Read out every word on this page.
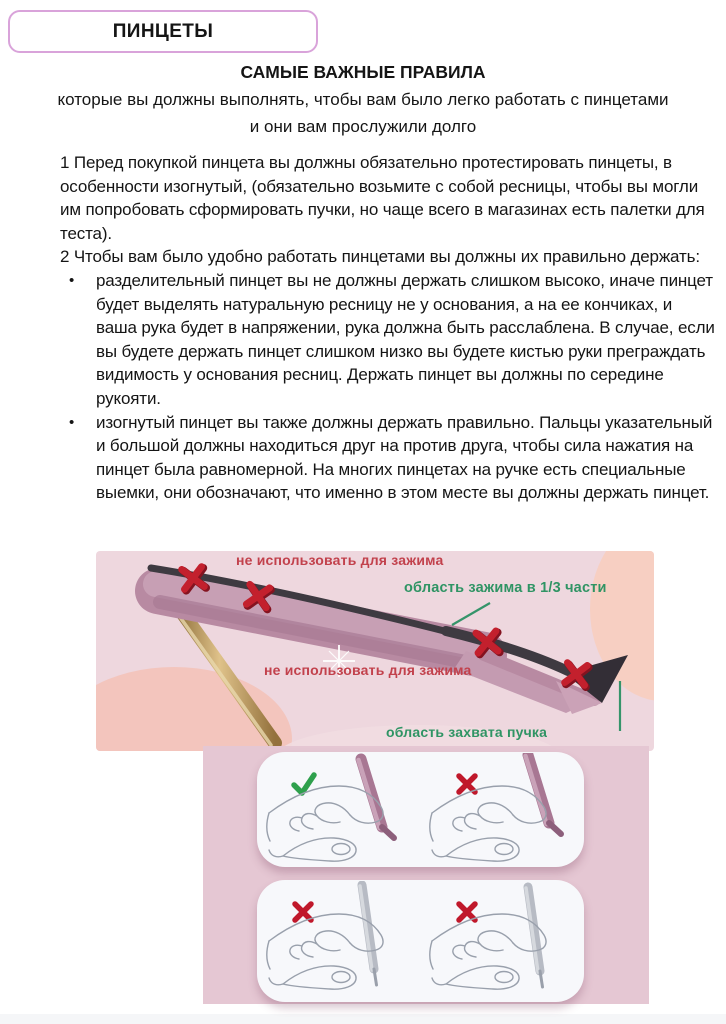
ПИНЦЕТЫ
САМЫЕ ВАЖНЫЕ ПРАВИЛА
которые вы должны выполнять, чтобы вам было легко работать с пинцетами
и они вам прослужили долго

1 Перед покупкой пинцета вы должны обязательно протестировать пинцеты, в особенности изогнутый, (обязательно возьмите с собой ресницы, чтобы вы могли им попробовать сформировать пучки, но чаще всего в магазинах есть палетки для теста).

2 Чтобы вам было удобно работать пинцетами вы должны их правильно держать:

•	разделительный пинцет вы не должны держать слишком высоко, иначе пинцет будет выделять натуральную ресницу не у основания, а на ее кончиках, и ваша рука будет в напряжении, рука должна быть расслаблена. В случае, если вы будете держать пинцет слишком низко вы будете кистью руки преграждать видимость у основания ресниц. Держать пинцет вы должны по середине рукояти.
•	изогнутый пинцет вы также должны держать правильно. Пальцы указательный и большой должны находиться друг на против друга, чтобы сила нажатия на пинцет была равномерной. На многих пинцетах на ручке есть специальные выемки, они обозначают, что именно в этом месте вы должны держать пинцет.
не использовать для зажима
область зажима в 1/3 части
не использовать для зажима
область захвата пучка
